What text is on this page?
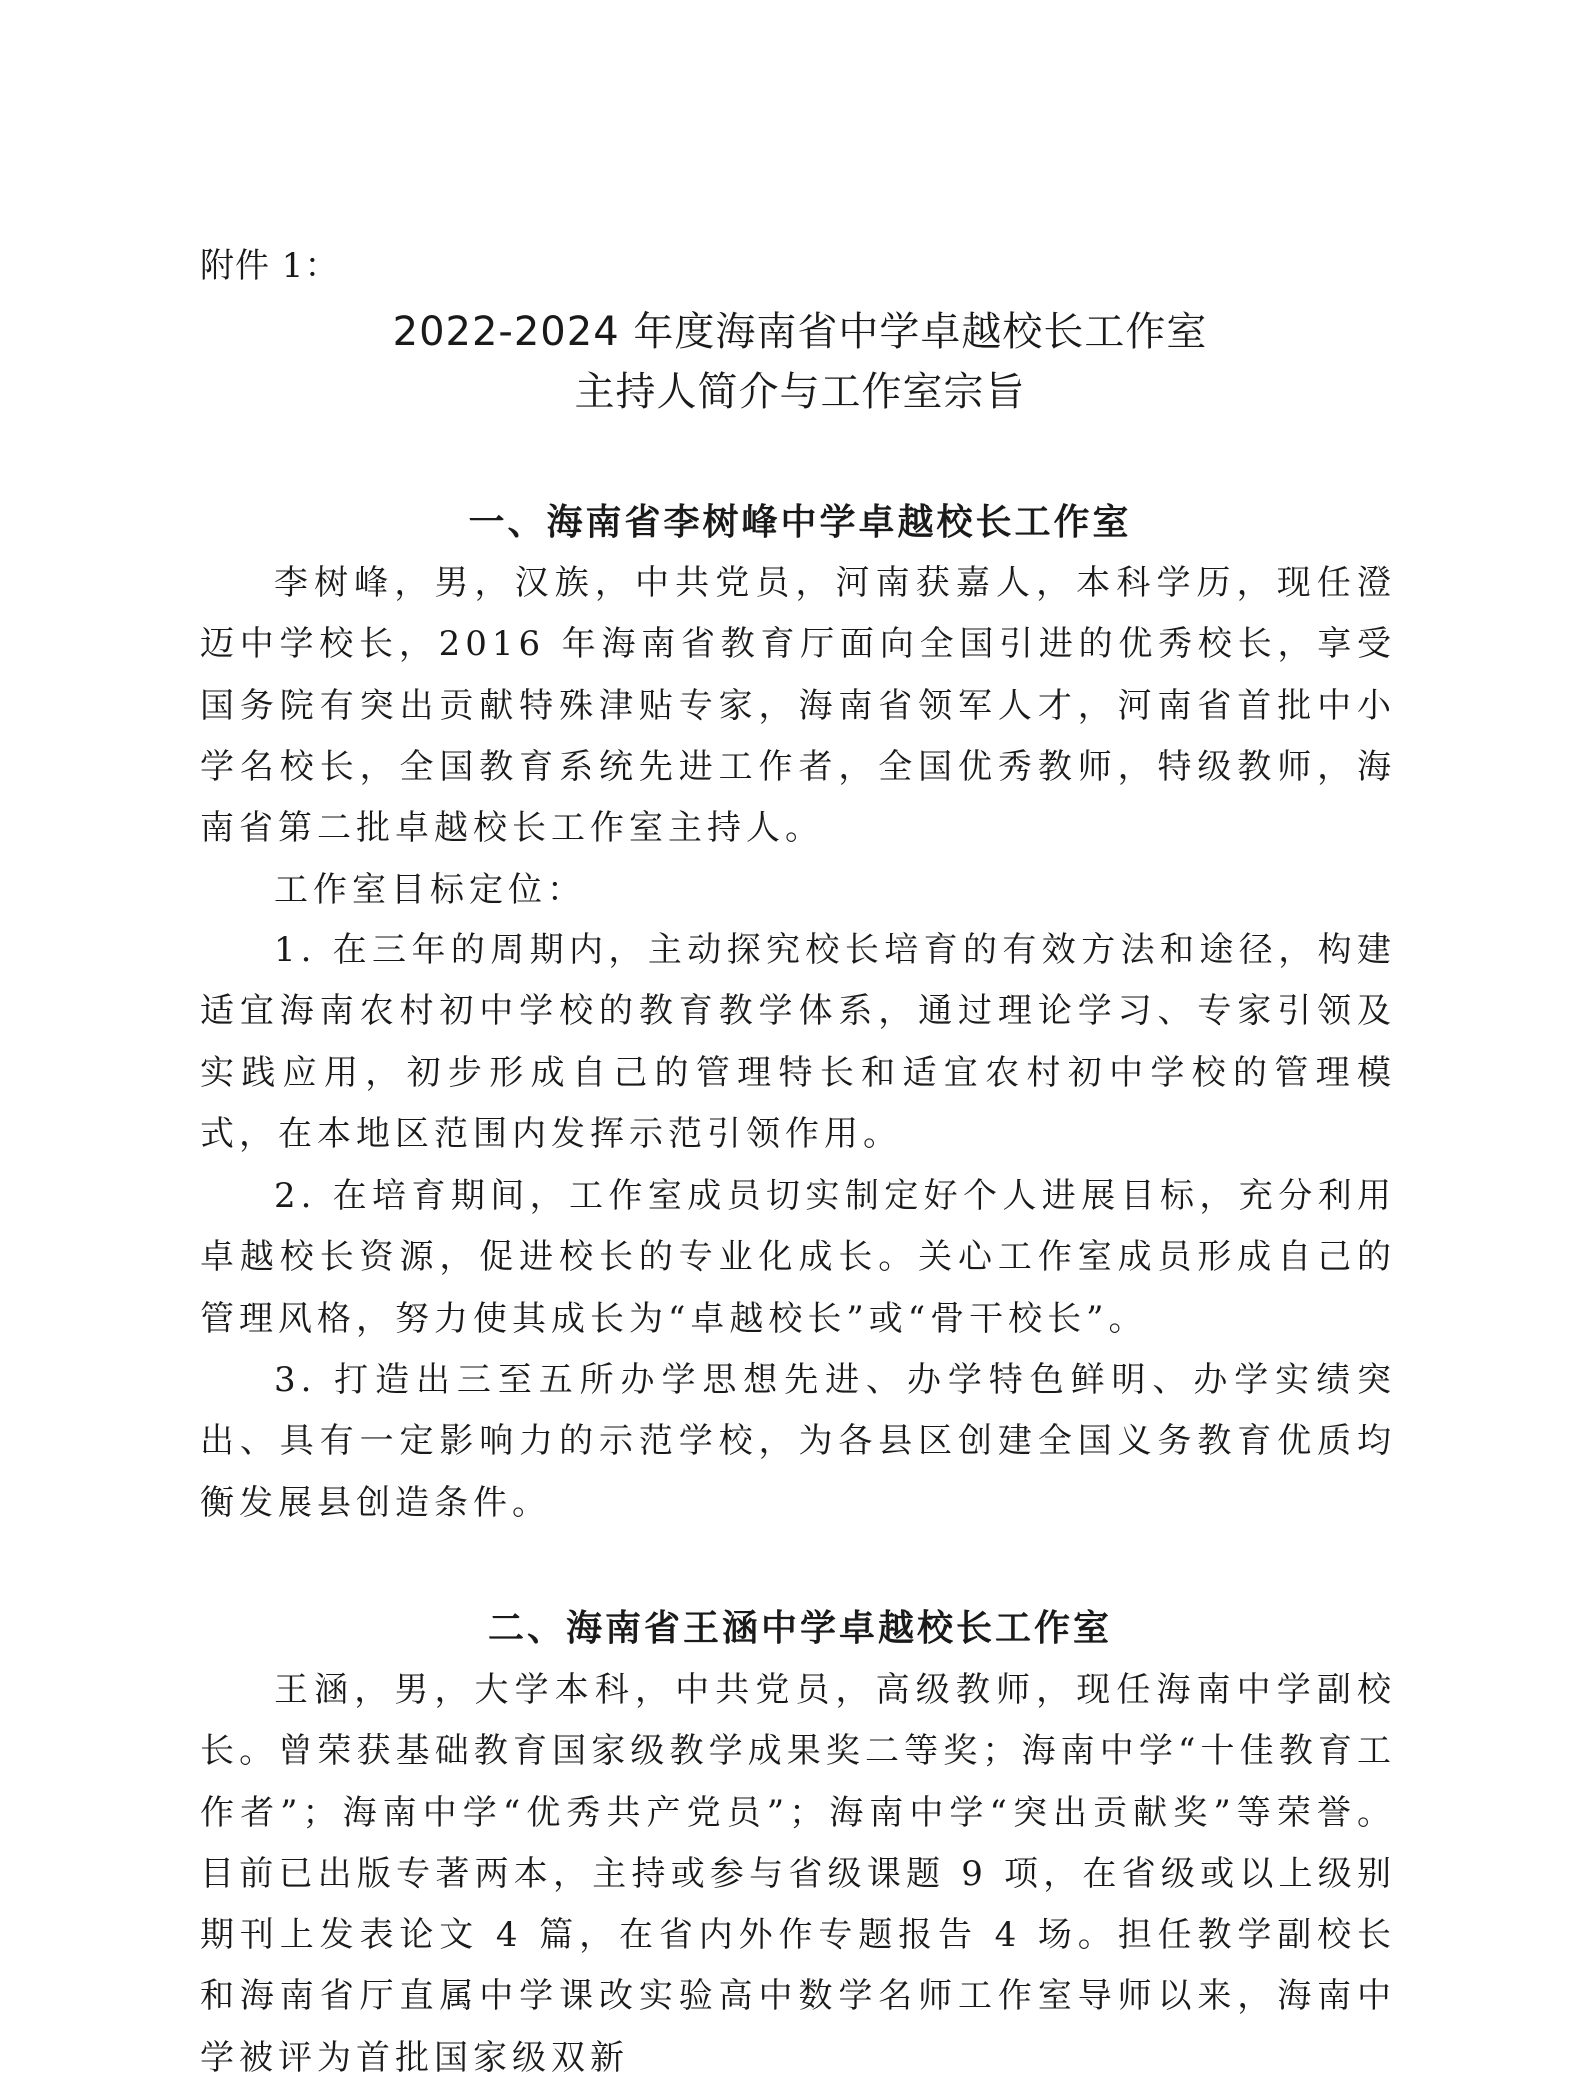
附件 1：
2022-2024 年度海南省中学卓越校长工作室
主持人简介与工作室宗旨
一、海南省李树峰中学卓越校长工作室

李树峰，男，汉族，中共党员，河南获嘉人，本科学历，现任澄迈中学校长，2016 年海南省教育厅面向全国引进的优秀校长，享受国务院有突出贡献特殊津贴专家，海南省领军人才，河南省首批中小学名校长，全国教育系统先进工作者，全国优秀教师，特级教师，海南省第二批卓越校长工作室主持人。

工作室目标定位：

1. 在三年的周期内，主动探究校长培育的有效方法和途径，构建适宜海南农村初中学校的教育教学体系，通过理论学习、专家引领及实践应用，初步形成自己的管理特长和适宜农村初中学校的管理模式，在本地区范围内发挥示范引领作用。

2. 在培育期间，工作室成员切实制定好个人进展目标，充分利用卓越校长资源，促进校长的专业化成长。关心工作室成员形成自己的管理风格，努力使其成长为“卓越校长”或“骨干校长”。

3. 打造出三至五所办学思想先进、办学特色鲜明、办学实绩突出、具有一定影响力的示范学校，为各县区创建全国义务教育优质均衡发展县创造条件。

二、海南省王涵中学卓越校长工作室

王涵，男，大学本科，中共党员，高级教师，现任海南中学副校长。曾荣获基础教育国家级教学成果奖二等奖；海南中学“十佳教育工作者”；海南中学“优秀共产党员”；海南中学“突出贡献奖”等荣誉。目前已出版专著两本，主持或参与省级课题 9 项，在省级或以上级别期刊上发表论文 4 篇，在省内外作专题报告 4 场。担任教学副校长和海南省厅直属中学课改实验高中数学名师工作室导师以来，海南中学被评为首批国家级双新
